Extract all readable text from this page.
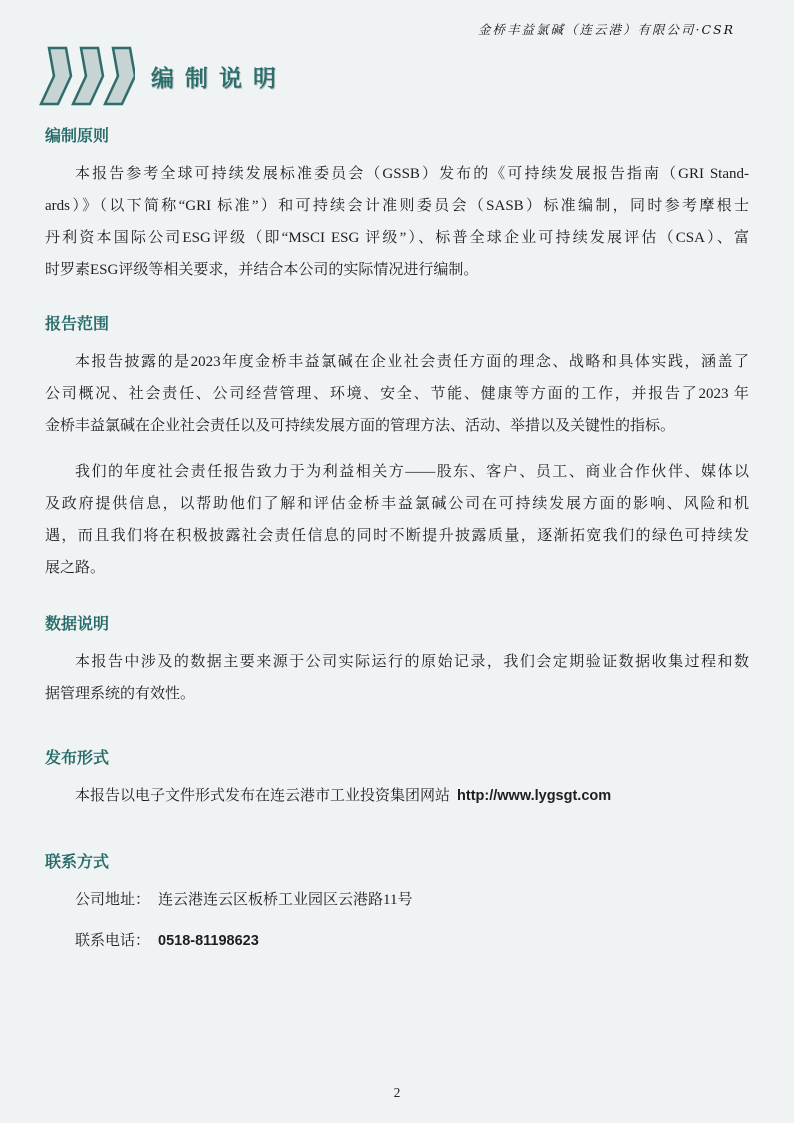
金桥丰益氯碱（连云港）有限公司·CSR
编制说明
编制原则
本报告参考全球可持续发展标准委员会（GSSB）发布的《可持续发展报告指南（GRI Stand-
ards）》（以下简称“GRI 标准”）和可持续会计准则委员会（SASB）标准编制，同时参考摩根士
丹利资本国际公司ESG评级（即“MSCI ESG 评级”）、标普全球企业可持续发展评估（CSA）、富
时罗素ESG评级等相关要求，并结合本公司的实际情况进行编制。
报告范围
本报告披露的是2023年度金桥丰益氯碱在企业社会责任方面的理念、战略和具体实践，涵盖了
公司概况、社会责任、公司经营管理、环境、安全、节能、健康等方面的工作，并报告了2023 年
金桥丰益氯碱在企业社会责任以及可持续发展方面的管理方法、活动、举措以及关键性的指标。
我们的年度社会责任报告致力于为利益相关方——股东、客户、员工、商业合作伙伴、媒体以
及政府提供信息，以帮助他们了解和评估金桥丰益氯碱公司在可持续发展方面的影响、风险和机
遇，而且我们将在积极披露社会责任信息的同时不断提升披露质量，逐渐拓宽我们的绿色可持续发
展之路。
数据说明
本报告中涉及的数据主要来源于公司实际运行的原始记录，我们会定期验证数据收集过程和数
据管理系统的有效性。
发布形式
本报告以电子文件形式发布在连云港市工业投资集团网站 http://www.lygsgt.com
联系方式
公司地址： 连云港连云区板桥工业园区云港路11号
联系电话： 0518-81198623
2
